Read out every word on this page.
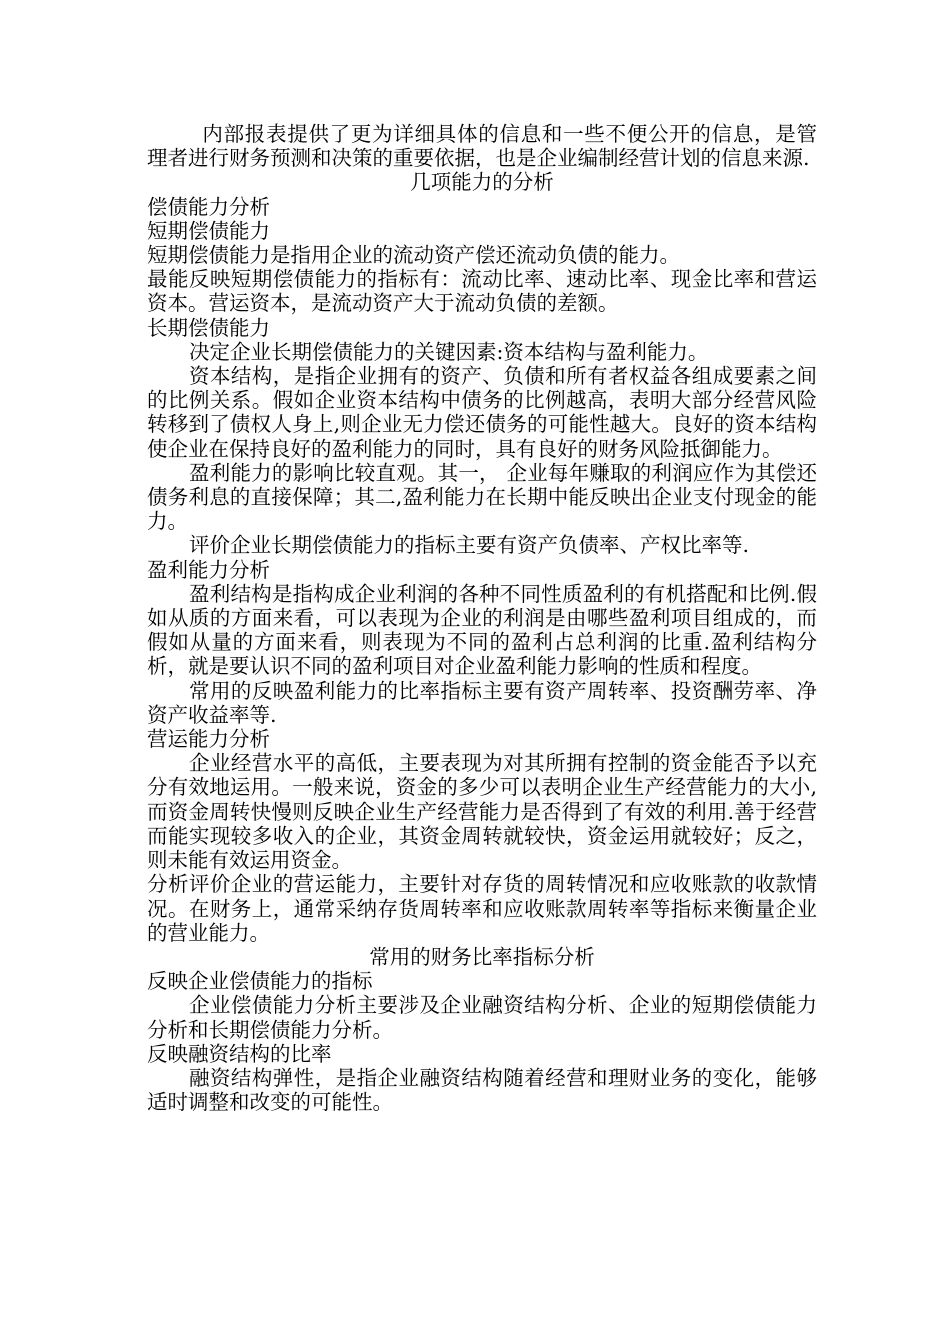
内部报表提供了更为详细具体的信息和一些不便公开的信息，是管理者进行财务预测和决策的重要依据，也是企业编制经营计划的信息来源.

几项能力的分析

偿债能力分析

短期偿债能力

短期偿债能力是指用企业的流动资产偿还流动负债的能力。

最能反映短期偿债能力的指标有：流动比率、速动比率、现金比率和营运资本。营运资本，是流动资产大于流动负债的差额。

长期偿债能力

决定企业长期偿债能力的关键因素:资本结构与盈利能力。

资本结构，是指企业拥有的资产、负债和所有者权益各组成要素之间的比例关系。假如企业资本结构中债务的比例越高，表明大部分经营风险转移到了债权人身上,则企业无力偿还债务的可能性越大。良好的资本结构使企业在保持良好的盈利能力的同时，具有良好的财务风险抵御能力。

盈利能力的影响比较直观。其一， 企业每年赚取的利润应作为其偿还债务利息的直接保障；其二,盈利能力在长期中能反映出企业支付现金的能力。

评价企业长期偿债能力的指标主要有资产负债率、产权比率等.

盈利能力分析

盈利结构是指构成企业利润的各种不同性质盈利的有机搭配和比例.假如从质的方面来看，可以表现为企业的利润是由哪些盈利项目组成的，而假如从量的方面来看，则表现为不同的盈利占总利润的比重.盈利结构分析，就是要认识不同的盈利项目对企业盈利能力影响的性质和程度。

常用的反映盈利能力的比率指标主要有资产周转率、投资酬劳率、净资产收益率等.

营运能力分析

企业经营水平的高低，主要表现为对其所拥有控制的资金能否予以充分有效地运用。一般来说，资金的多少可以表明企业生产经营能力的大小,而资金周转快慢则反映企业生产经营能力是否得到了有效的利用.善于经营而能实现较多收入的企业，其资金周转就较快，资金运用就较好；反之，则未能有效运用资金。

分析评价企业的营运能力，主要针对存货的周转情况和应收账款的收款情况。在财务上，通常采纳存货周转率和应收账款周转率等指标来衡量企业的营业能力。

常用的财务比率指标分析

反映企业偿债能力的指标

企业偿债能力分析主要涉及企业融资结构分析、企业的短期偿债能力分析和长期偿债能力分析。

反映融资结构的比率

融资结构弹性，是指企业融资结构随着经营和理财业务的变化，能够适时调整和改变的可能性。
